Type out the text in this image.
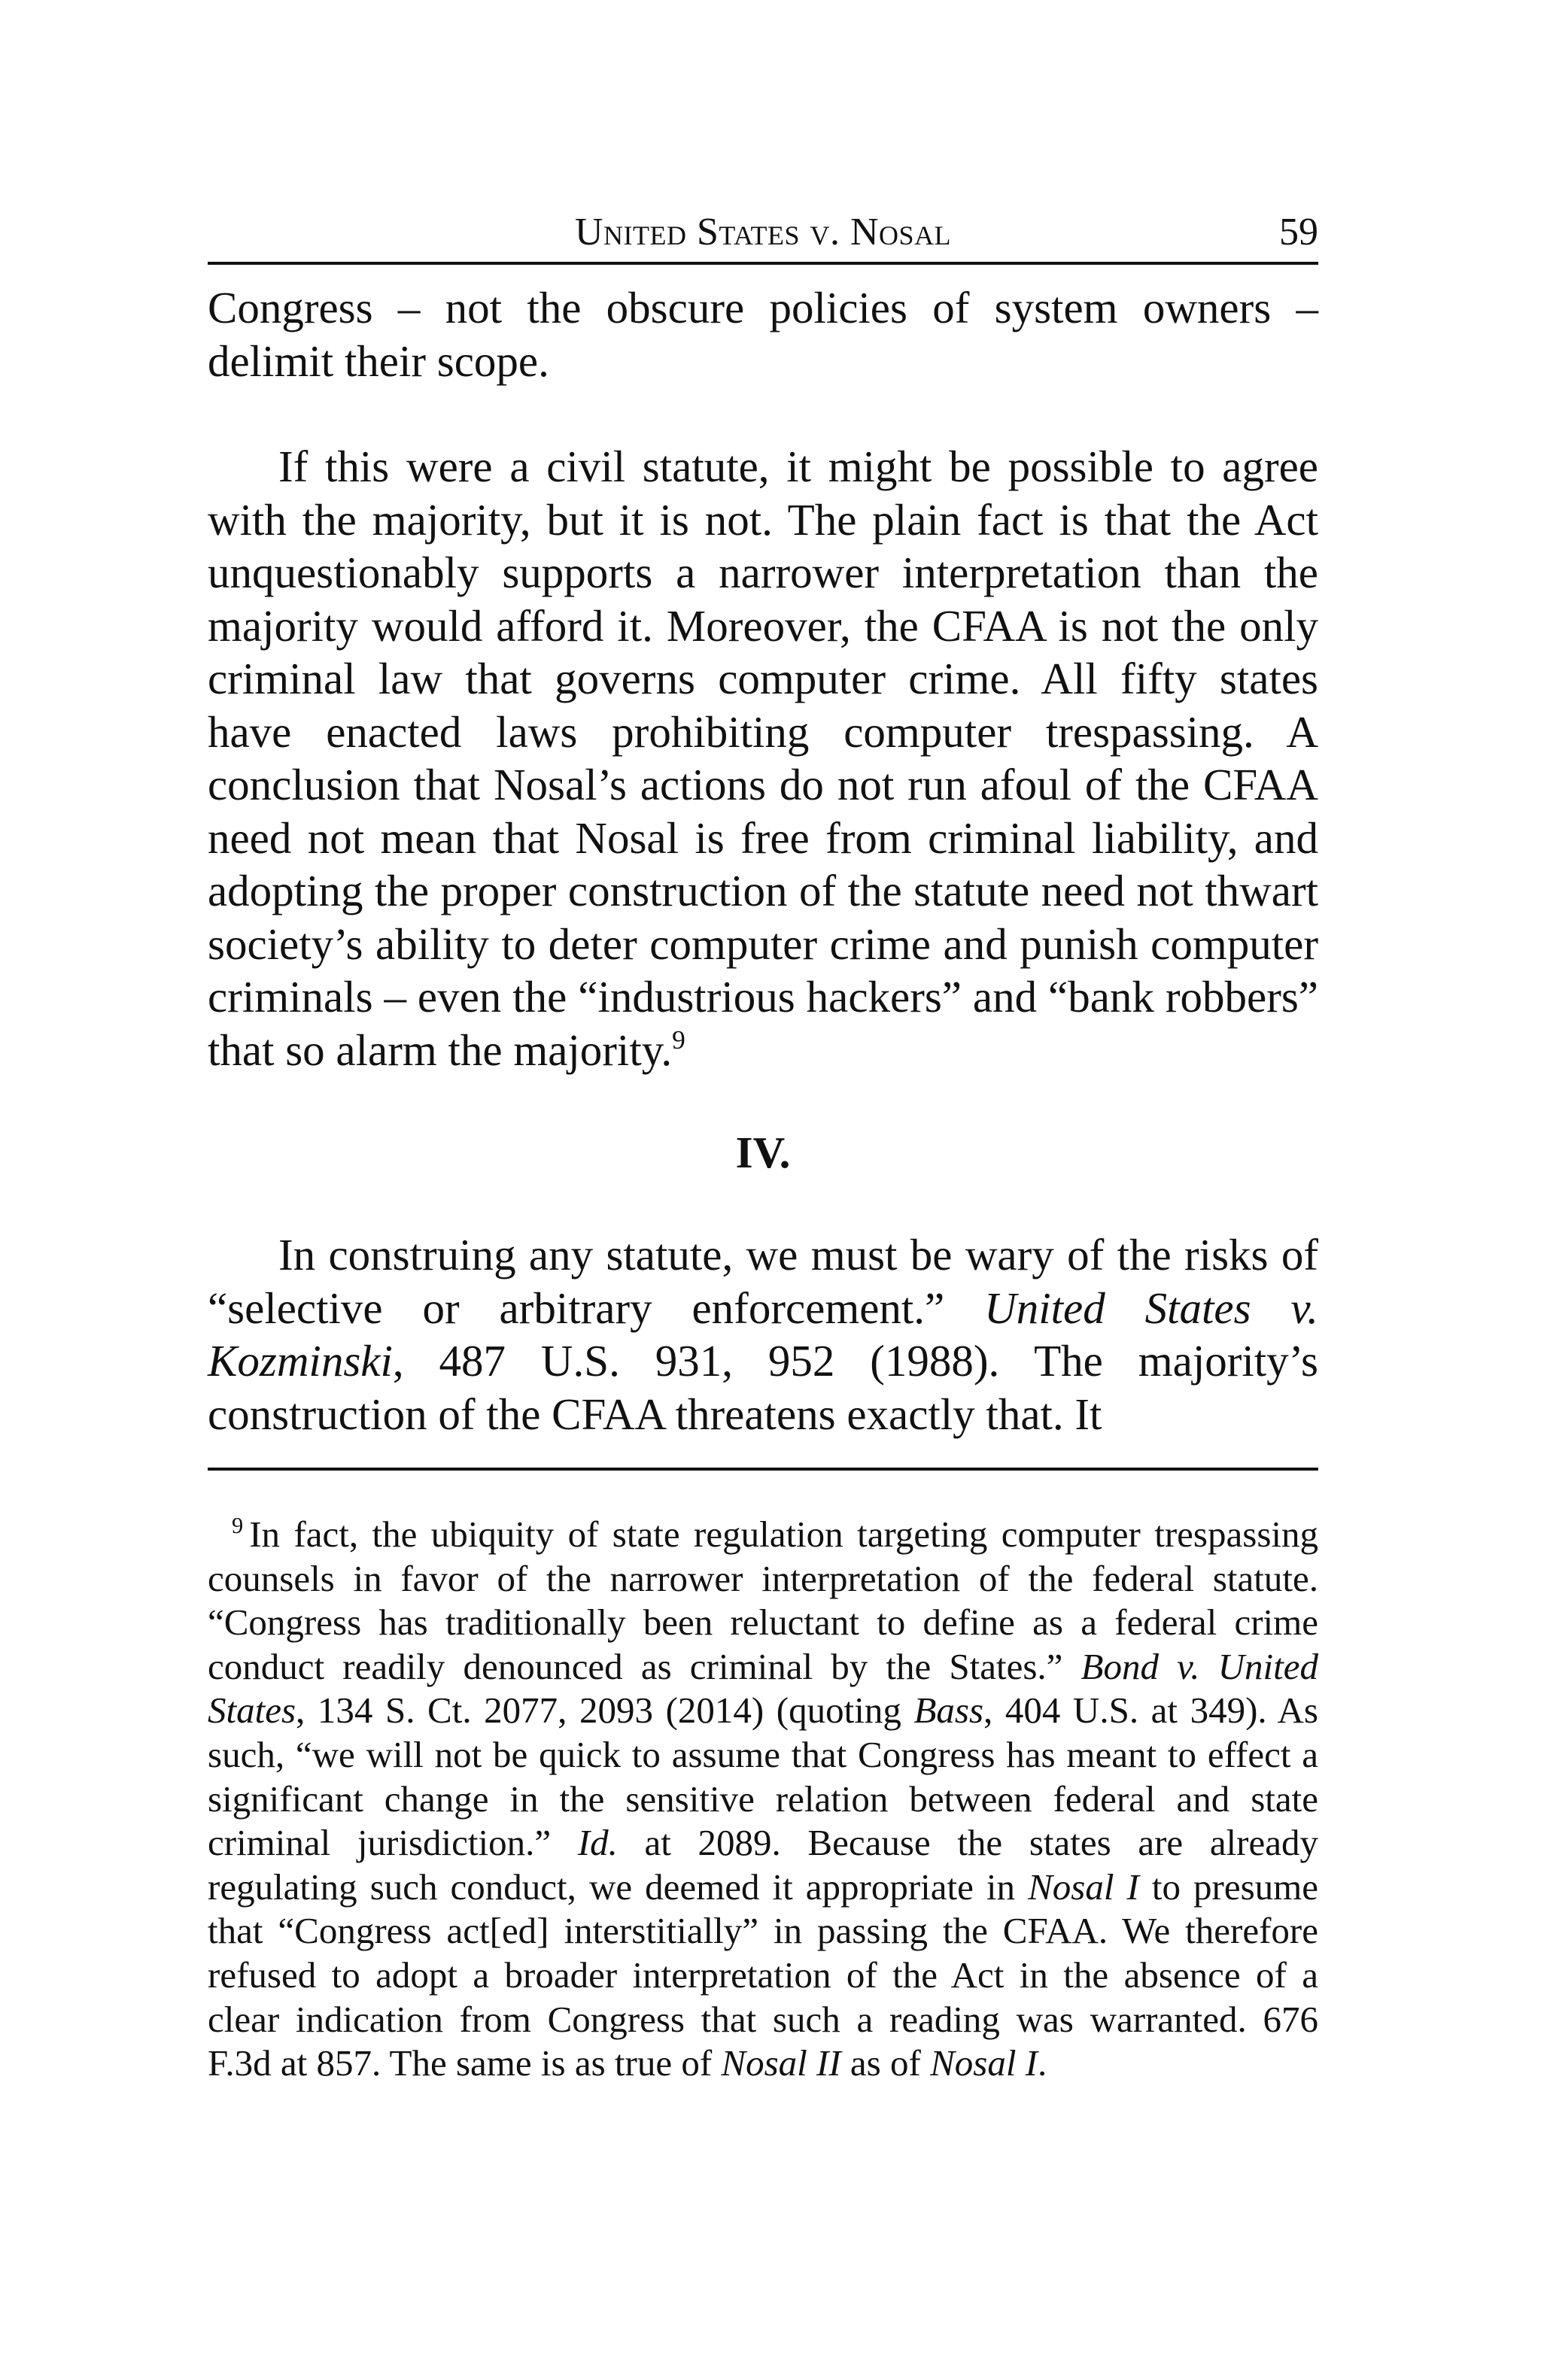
United States v. Nosal	59

Congress – not the obscure policies of system owners – delimit their scope.

If this were a civil statute, it might be possible to agree with the majority, but it is not. The plain fact is that the Act unquestionably supports a narrower interpretation than the majority would afford it. Moreover, the CFAA is not the only criminal law that governs computer crime. All fifty states have enacted laws prohibiting computer trespassing. A conclusion that Nosal’s actions do not run afoul of the CFAA need not mean that Nosal is free from criminal liability, and adopting the proper construction of the statute need not thwart society’s ability to deter computer crime and punish computer criminals – even the “industrious hackers” and “bank robbers” that so alarm the majority.$^9$

IV.

In construing any statute, we must be wary of the risks of “selective or arbitrary enforcement.” United States v. Kozminski, 487 U.S. 931, 952 (1988). The majority’s construction of the CFAA threatens exactly that. It

$^9$ In fact, the ubiquity of state regulation targeting computer trespassing counsels in favor of the narrower interpretation of the federal statute. “Congress has traditionally been reluctant to define as a federal crime conduct readily denounced as criminal by the States.” Bond v. United States, 134 S. Ct. 2077, 2093 (2014) (quoting Bass, 404 U.S. at 349). As such, “we will not be quick to assume that Congress has meant to effect a significant change in the sensitive relation between federal and state criminal jurisdiction.” Id. at 2089. Because the states are already regulating such conduct, we deemed it appropriate in Nosal I to presume that “Congress act[ed] interstitially” in passing the CFAA. We therefore refused to adopt a broader interpretation of the Act in the absence of a clear indication from Congress that such a reading was warranted. 676 F.3d at 857. The same is as true of Nosal II as of Nosal I.
